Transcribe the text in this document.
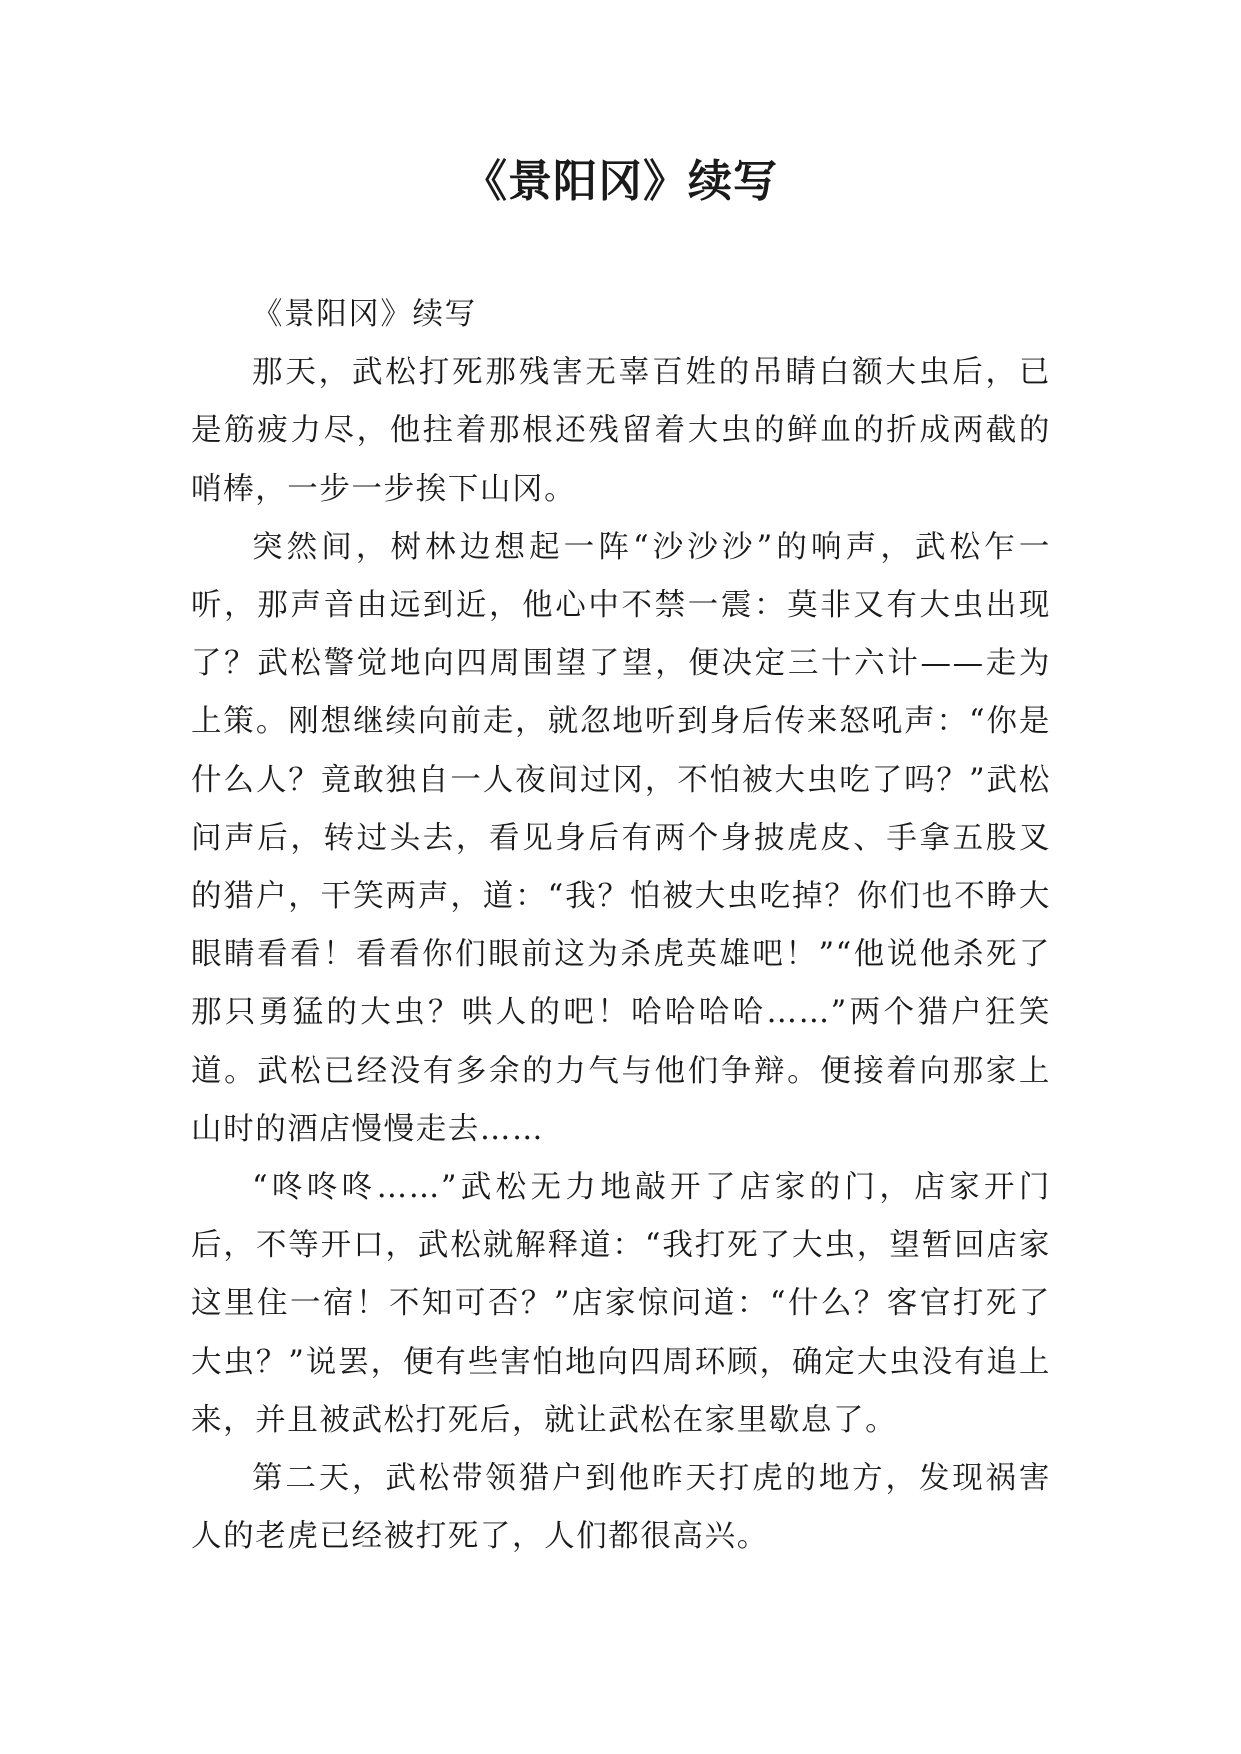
《景阳冈》续写

《景阳冈》续写

那天，武松打死那残害无辜百姓的吊睛白额大虫后，已是筋疲力尽，他拄着那根还残留着大虫的鲜血的折成两截的哨棒，一步一步挨下山冈。

突然间，树林边想起一阵“沙沙沙”的响声，武松乍一听，那声音由远到近，他心中不禁一震：莫非又有大虫出现了？武松警觉地向四周围望了望，便决定三十六计——走为上策。刚想继续向前走，就忽地听到身后传来怒吼声：“你是什么人？竟敢独自一人夜间过冈，不怕被大虫吃了吗？”武松问声后，转过头去，看见身后有两个身披虎皮、手拿五股叉的猎户，干笑两声，道：“我？怕被大虫吃掉？你们也不睁大眼睛看看！看看你们眼前这为杀虎英雄吧！”“他说他杀死了那只勇猛的大虫？哄人的吧！哈哈哈哈……”两个猎户狂笑道。武松已经没有多余的力气与他们争辩。便接着向那家上山时的酒店慢慢走去……

“咚咚咚……”武松无力地敲开了店家的门，店家开门后，不等开口，武松就解释道：“我打死了大虫，望暂回店家这里住一宿！不知可否？”店家惊问道：“什么？客官打死了大虫？”说罢，便有些害怕地向四周环顾，确定大虫没有追上来，并且被武松打死后，就让武松在家里歇息了。

第二天，武松带领猎户到他昨天打虎的地方，发现祸害人的老虎已经被打死了，人们都很高兴。
